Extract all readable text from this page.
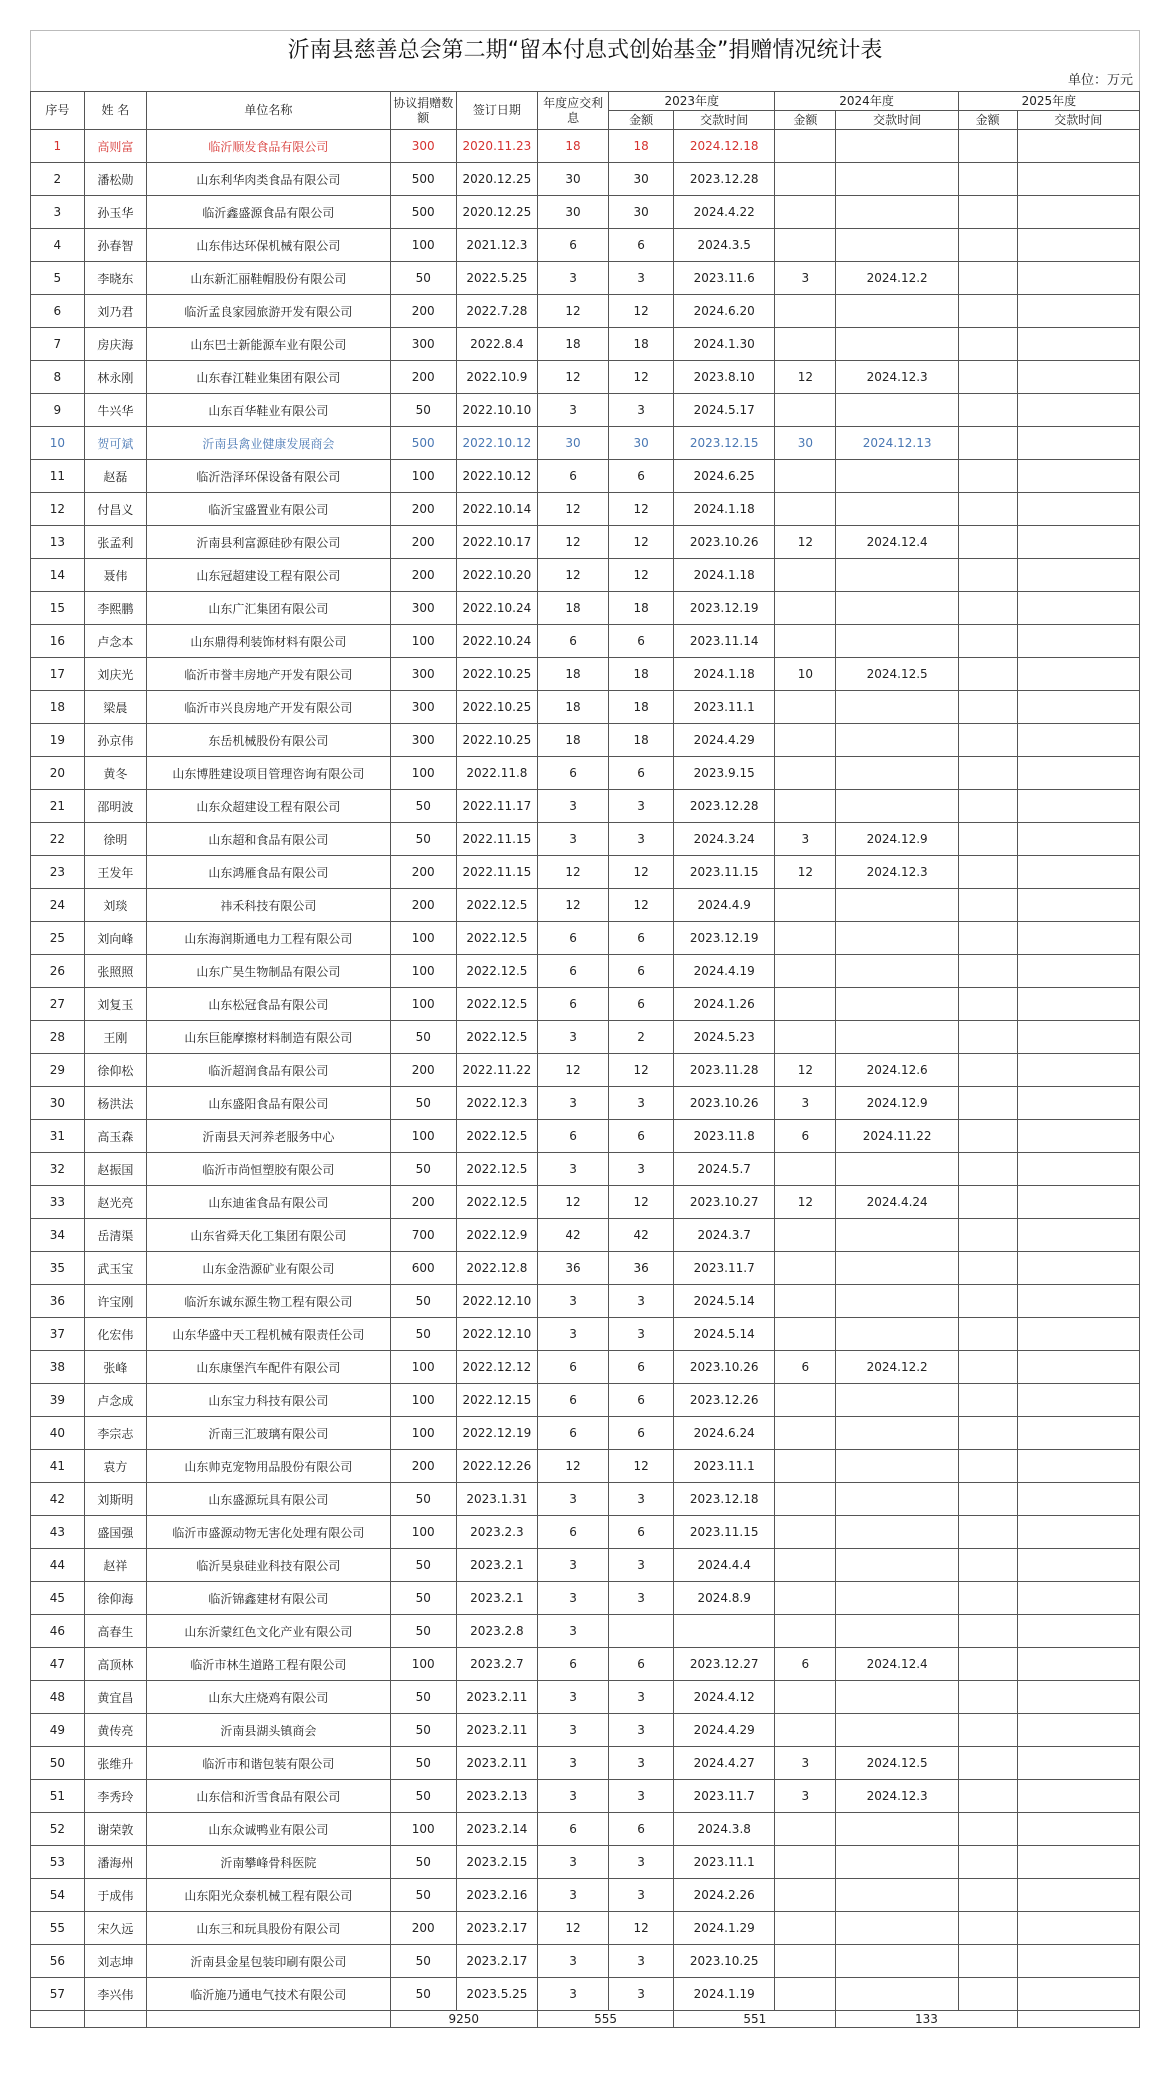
沂南县慈善总会第二期“留本付息式创始基金”捐赠情况统计表
单位：万元
序号	姓 名	单位名称	协议捐赠数额	签订日期	年度应交利息	2023年度		2024年度		2025年度	
						金额	交款时间	金额	交款时间	金额	交款时间
1	高则富	临沂顺发食品有限公司	300	2020.11.23	18	18	2024.12.18				
2	潘松勋	山东利华肉类食品有限公司	500	2020.12.25	30	30	2023.12.28				
3	孙玉华	临沂鑫盛源食品有限公司	500	2020.12.25	30	30	2024.4.22				
4	孙春智	山东伟达环保机械有限公司	100	2021.12.3	6	6	2024.3.5				
5	李晓东	山东新汇丽鞋帽股份有限公司	50	2022.5.25	3	3	2023.11.6	3	2024.12.2		
6	刘乃君	临沂孟良家园旅游开发有限公司	200	2022.7.28	12	12	2024.6.20				
7	房庆海	山东巴士新能源车业有限公司	300	2022.8.4	18	18	2024.1.30				
8	林永刚	山东春江鞋业集团有限公司	200	2022.10.9	12	12	2023.8.10	12	2024.12.3		
9	牛兴华	山东百华鞋业有限公司	50	2022.10.10	3	3	2024.5.17				
10	贺可斌	沂南县禽业健康发展商会	500	2022.10.12	30	30	2023.12.15	30	2024.12.13		
11	赵磊	临沂浩泽环保设备有限公司	100	2022.10.12	6	6	2024.6.25				
12	付昌义	临沂宝盛置业有限公司	200	2022.10.14	12	12	2024.1.18				
13	张孟利	沂南县利富源硅砂有限公司	200	2022.10.17	12	12	2023.10.26	12	2024.12.4		
14	聂伟	山东冠超建设工程有限公司	200	2022.10.20	12	12	2024.1.18				
15	李熙鹏	山东广汇集团有限公司	300	2022.10.24	18	18	2023.12.19				
16	卢念本	山东鼎得利装饰材料有限公司	100	2022.10.24	6	6	2023.11.14				
17	刘庆光	临沂市誉丰房地产开发有限公司	300	2022.10.25	18	18	2024.1.18	10	2024.12.5		
18	梁晨	临沂市兴良房地产开发有限公司	300	2022.10.25	18	18	2023.11.1				
19	孙京伟	东岳机械股份有限公司	300	2022.10.25	18	18	2024.4.29				
20	黄冬	山东博胜建设项目管理咨询有限公司	100	2022.11.8	6	6	2023.9.15				
21	邵明波	山东众超建设工程有限公司	50	2022.11.17	3	3	2023.12.28				
22	徐明	山东超和食品有限公司	50	2022.11.15	3	3	2024.3.24	3	2024.12.9		
23	王发年	山东鸿雁食品有限公司	200	2022.11.15	12	12	2023.11.15	12	2024.12.3		
24	刘琰	祎禾科技有限公司	200	2022.12.5	12	12	2024.4.9				
25	刘向峰	山东海润斯通电力工程有限公司	100	2022.12.5	6	6	2023.12.19				
26	张照照	山东广昊生物制品有限公司	100	2022.12.5	6	6	2024.4.19				
27	刘复玉	山东松冠食品有限公司	100	2022.12.5	6	6	2024.1.26				
28	王刚	山东巨能摩擦材料制造有限公司	50	2022.12.5	3	2	2024.5.23				
29	徐仰松	临沂超润食品有限公司	200	2022.11.22	12	12	2023.11.28	12	2024.12.6		
30	杨洪法	山东盛阳食品有限公司	50	2022.12.3	3	3	2023.10.26	3	2024.12.9		
31	高玉森	沂南县天河养老服务中心	100	2022.12.5	6	6	2023.11.8	6	2024.11.22		
32	赵振国	临沂市尚恒塑胶有限公司	50	2022.12.5	3	3	2024.5.7				
33	赵光亮	山东迪雀食品有限公司	200	2022.12.5	12	12	2023.10.27	12	2024.4.24		
34	岳清渠	山东省舜天化工集团有限公司	700	2022.12.9	42	42	2024.3.7				
35	武玉宝	山东金浩源矿业有限公司	600	2022.12.8	36	36	2023.11.7				
36	许宝刚	临沂东诚东源生物工程有限公司	50	2022.12.10	3	3	2024.5.14				
37	化宏伟	山东华盛中天工程机械有限责任公司	50	2022.12.10	3	3	2024.5.14				
38	张峰	山东康堡汽车配件有限公司	100	2022.12.12	6	6	2023.10.26	6	2024.12.2		
39	卢念成	山东宝力科技有限公司	100	2022.12.15	6	6	2023.12.26				
40	李宗志	沂南三汇玻璃有限公司	100	2022.12.19	6	6	2024.6.24				
41	袁方	山东帅克宠物用品股份有限公司	200	2022.12.26	12	12	2023.11.1				
42	刘斯明	山东盛源玩具有限公司	50	2023.1.31	3	3	2023.12.18				
43	盛国强	临沂市盛源动物无害化处理有限公司	100	2023.2.3	6	6	2023.11.15				
44	赵祥	临沂昊泉硅业科技有限公司	50	2023.2.1	3	3	2024.4.4				
45	徐仰海	临沂锦鑫建材有限公司	50	2023.2.1	3	3	2024.8.9				
46	高春生	山东沂蒙红色文化产业有限公司	50	2023.2.8	3						
47	高顶林	临沂市林生道路工程有限公司	100	2023.2.7	6	6	2023.12.27	6	2024.12.4		
48	黄宜昌	山东大庄烧鸡有限公司	50	2023.2.11	3	3	2024.4.12				
49	黄传亮	沂南县湖头镇商会	50	2023.2.11	3	3	2024.4.29				
50	张维升	临沂市和谐包装有限公司	50	2023.2.11	3	3	2024.4.27	3	2024.12.5		
51	李秀玲	山东信和沂雪食品有限公司	50	2023.2.13	3	3	2023.11.7	3	2024.12.3		
52	谢荣敦	山东众诚鸭业有限公司	100	2023.2.14	6	6	2024.3.8				
53	潘海州	沂南攀峰骨科医院	50	2023.2.15	3	3	2023.11.1				
54	于成伟	山东阳光众泰机械工程有限公司	50	2023.2.16	3	3	2024.2.26				
55	宋久远	山东三和玩具股份有限公司	200	2023.2.17	12	12	2024.1.29				
56	刘志坤	沂南县金星包装印刷有限公司	50	2023.2.17	3	3	2023.10.25				
57	李兴伟	临沂施乃通电气技术有限公司	50	2023.5.25	3	3	2024.1.19				
			9250		555		551		133		
